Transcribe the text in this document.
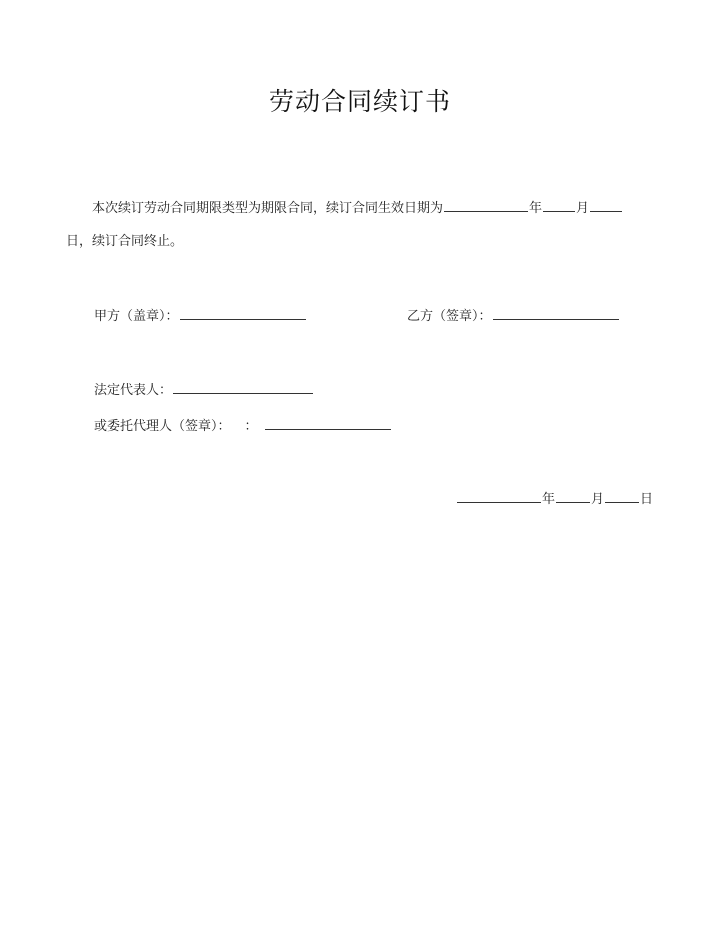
劳动合同续订书
本次续订劳动合同期限类型为期限合同，续订合同生效日期为	年	月
日，续订合同终止。
甲方（盖章）：	乙方（签章）：
法定代表人：
或委托代理人（签章）： ：
年	月	日
